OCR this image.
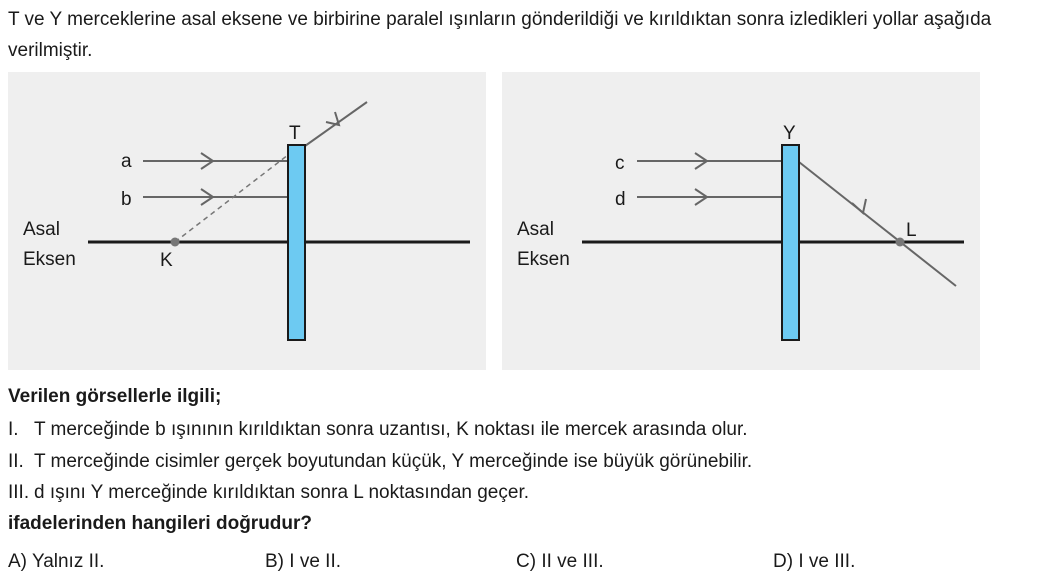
T ve Y merceklerine asal eksene ve birbirine paralel ışınların gönderildiği ve kırıldıktan sonra izledikleri yollar aşağıda verilmiştir.

T
a
b
Asal
Eksen	K
Y
c
d
Asal
Eksen
L

Verilen görsellerle ilgili;

I. T merceğinde b ışınının kırıldıktan sonra uzantısı, K noktası ile mercek arasında olur.

II. T merceğinde cisimler gerçek boyutundan küçük, Y merceğinde ise büyük görünebilir.

III. d ışını Y merceğinde kırıldıktan sonra L noktasından geçer.

ifadelerinden hangileri doğrudur?

A) Yalnız II.	B) I ve II.	C) II ve III.	D) I ve III.
